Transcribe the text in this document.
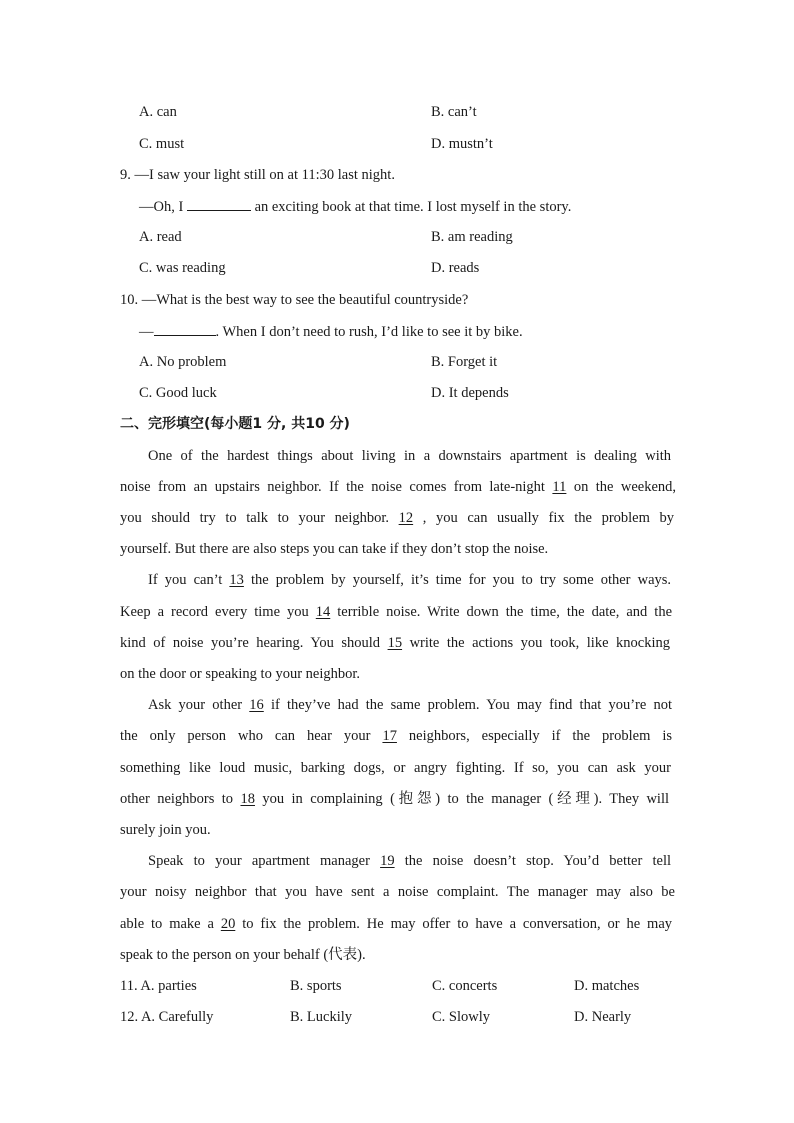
A. can	B. can’t
C. must	D. mustn’t
9. —I saw your light still on at 11:30 last night.
—Oh, I	an exciting book at that time. I lost myself in the story.
A. read	B. am reading
C. was reading	D. reads
10. —What is the best way to see the beautiful countryside?
—	. When I don’t need to rush, I’d like to see it by bike.
A. No problem	B. Forget it
C. Good luck	D. It depends
二、完形填空(每小题1 分, 共10 分)
One of the hardest things about living in a downstairs apartment is dealing with
noise from an upstairs neighbor. If the noise comes from late-night 11 on the weekend,
you should try to talk to your neighbor. 12 , you can usually fix the problem by
yourself. But there are also steps you can take if they don’t stop the noise.
If you can’t 13 the problem by yourself, it’s time for you to try some other ways.
Keep a record every time you 14 terrible noise. Write down the time, the date, and the
kind of noise you’re hearing. You should 15 write the actions you took, like knocking
on the door or speaking to your neighbor.
Ask your other 16 if they’ve had the same problem. You may find that you’re not
the only person who can hear your 17 neighbors, especially if the problem is
something like loud music, barking dogs, or angry fighting. If so, you can ask your
other neighbors to 18 you in complaining (抱怨) to the manager (经理). They will
surely join you.
Speak to your apartment manager 19 the noise doesn’t stop. You’d better tell
your noisy neighbor that you have sent a noise complaint. The manager may also be
able to make a 20 to fix the problem. He may offer to have a conversation, or he may
speak to the person on your behalf (代表).
11. A. parties	B. sports	C. concerts	D. matches
12. A. Carefully	B. Luckily	C. Slowly	D. Nearly
